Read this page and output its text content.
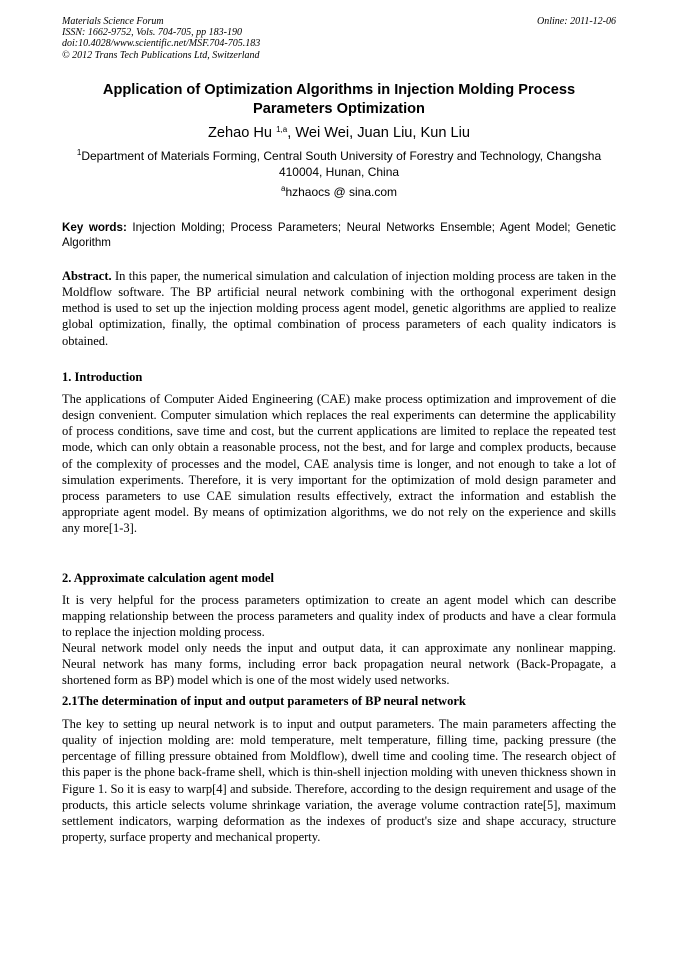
Materials Science Forum
ISSN: 1662-9752, Vols. 704-705, pp 183-190
doi:10.4028/www.scientific.net/MSF.704-705.183
© 2012 Trans Tech Publications Ltd, Switzerland
Online: 2011-12-06
Application of Optimization Algorithms in Injection Molding Process Parameters Optimization
Zehao Hu $^{1,a}$, Wei Wei, Juan Liu, Kun Liu
$^1$Department of Materials Forming, Central South University of Forestry and Technology, Changsha 410004, Hunan, China
$^a$hzhaocs @ sina.com
Key words: Injection Molding; Process Parameters; Neural Networks Ensemble; Agent Model; Genetic Algorithm
Abstract. In this paper, the numerical simulation and calculation of injection molding process are taken in the Moldflow software. The BP artificial neural network combining with the orthogonal experiment design method is used to set up the injection molding process agent model, genetic algorithms are applied to realize global optimization, finally, the optimal combination of process parameters of each quality indicators is obtained.
1. Introduction

The applications of Computer Aided Engineering (CAE) make process optimization and improvement of die design convenient. Computer simulation which replaces the real experiments can determine the applicability of process conditions, save time and cost, but the current applications are limited to replace the repeated test mode, which can only obtain a reasonable process, not the best, and for large and complex products, because of the complexity of processes and the model, CAE analysis time is longer, and not enough to take a lot of simulation experiments. Therefore, it is very important for the optimization of mold design parameter and process parameters to use CAE simulation results effectively, extract the information and establish the appropriate agent model. By means of optimization algorithms, we do not rely on the experience and skills any more[1-3].

2. Approximate calculation agent model

It is very helpful for the process parameters optimization to create an agent model which can describe mapping relationship between the process parameters and quality index of products and have a clear formula to replace the injection molding process.

Neural network model only needs the input and output data, it can approximate any nonlinear mapping. Neural network has many forms, including error back propagation neural network (Back-Propagate, a shortened form as BP) model which is one of the most widely used networks.

2.1The determination of input and output parameters of BP neural network

The key to setting up neural network is to input and output parameters. The main parameters affecting the quality of injection molding are: mold temperature, melt temperature, filling time, packing pressure (the percentage of filling pressure obtained from Moldflow), dwell time and cooling time. The research object of this paper is the phone back-frame shell, which is thin-shell injection molding with uneven thickness shown in Figure 1. So it is easy to warp[4] and subside. Therefore, according to the design requirement and usage of the products, this article selects volume shrinkage variation, the average volume contraction rate[5], maximum settlement indicators, warping deformation as the indexes of product's size and shape accuracy, structure property, surface property and mechanical property.
